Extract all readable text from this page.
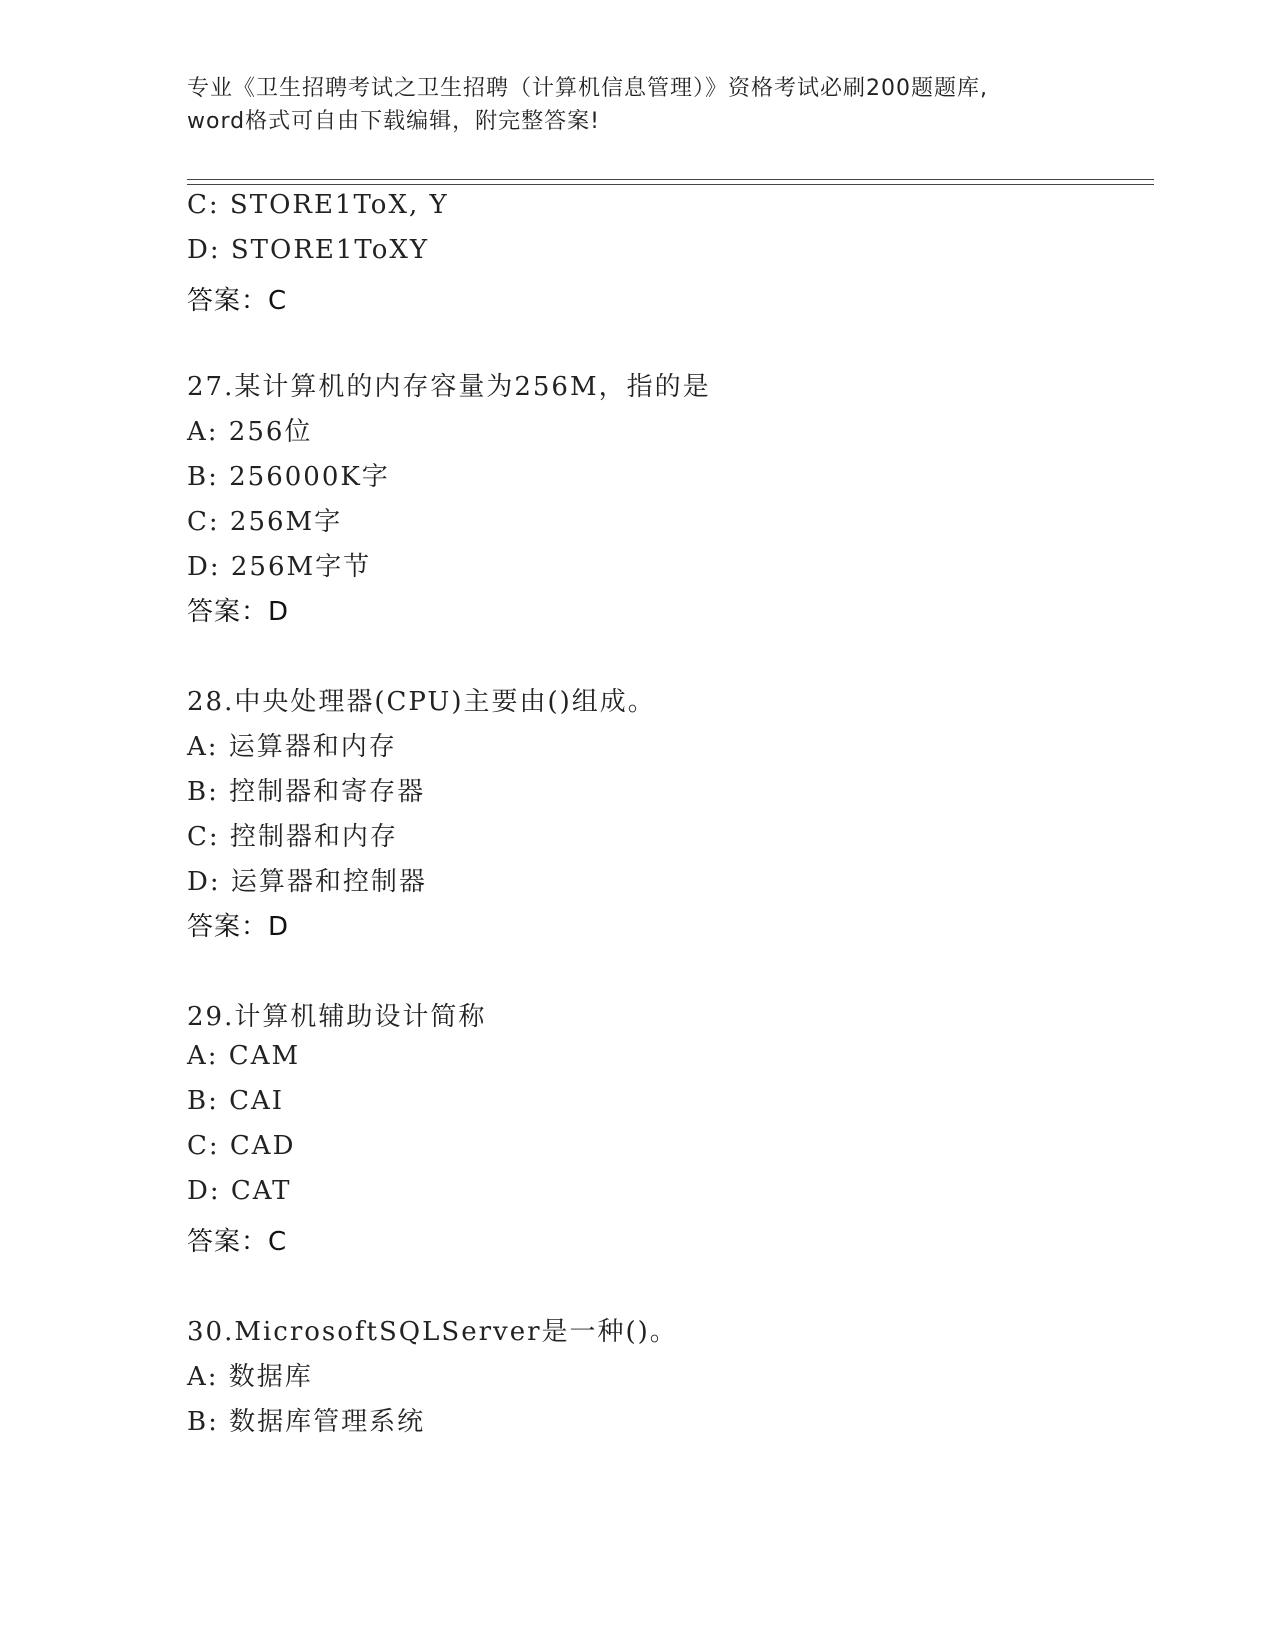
专业《卫生招聘考试之卫生招聘（计算机信息管理）》资格考试必刷200题题库,
word格式可自由下载编辑，附完整答案!
C: STORE1ToX, Y
D: STORE1ToXY
答案：C
27.某计算机的内存容量为256M，指的是
A: 256位
B: 256000K字
C: 256M字
D: 256M字节
答案：D
28.中央处理器(CPU)主要由()组成。
A: 运算器和内存
B: 控制器和寄存器
C: 控制器和内存
D: 运算器和控制器
答案：D
29.计算机辅助设计简称
A: CAM
B: CAI
C: CAD
D: CAT
答案：C
30.MicrosoftSQLServer是一种()。
A: 数据库
B: 数据库管理系统
